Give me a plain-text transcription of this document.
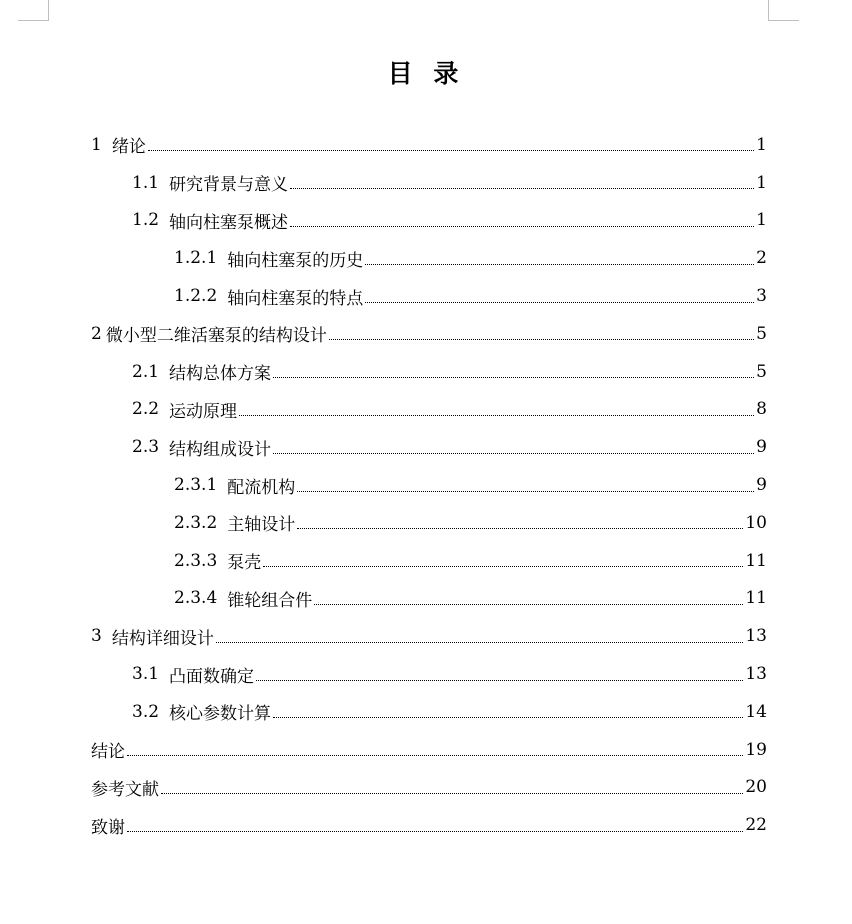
目 录
1 绪论	1
1.1 研究背景与意义	1
1.2 轴向柱塞泵概述	1
1.2.1 轴向柱塞泵的历史	2
1.2.2 轴向柱塞泵的特点	3
2 微小型二维活塞泵的结构设计	5
2.1 结构总体方案	5
2.2 运动原理	8
2.3 结构组成设计	9
2.3.1 配流机构	9
2.3.2 主轴设计	10
2.3.3 泵壳	11
2.3.4 锥轮组合件	11
3 结构详细设计	13
3.1 凸面数确定	13
3.2 核心参数计算	14
结论	19
参考文献	20
致谢	22
